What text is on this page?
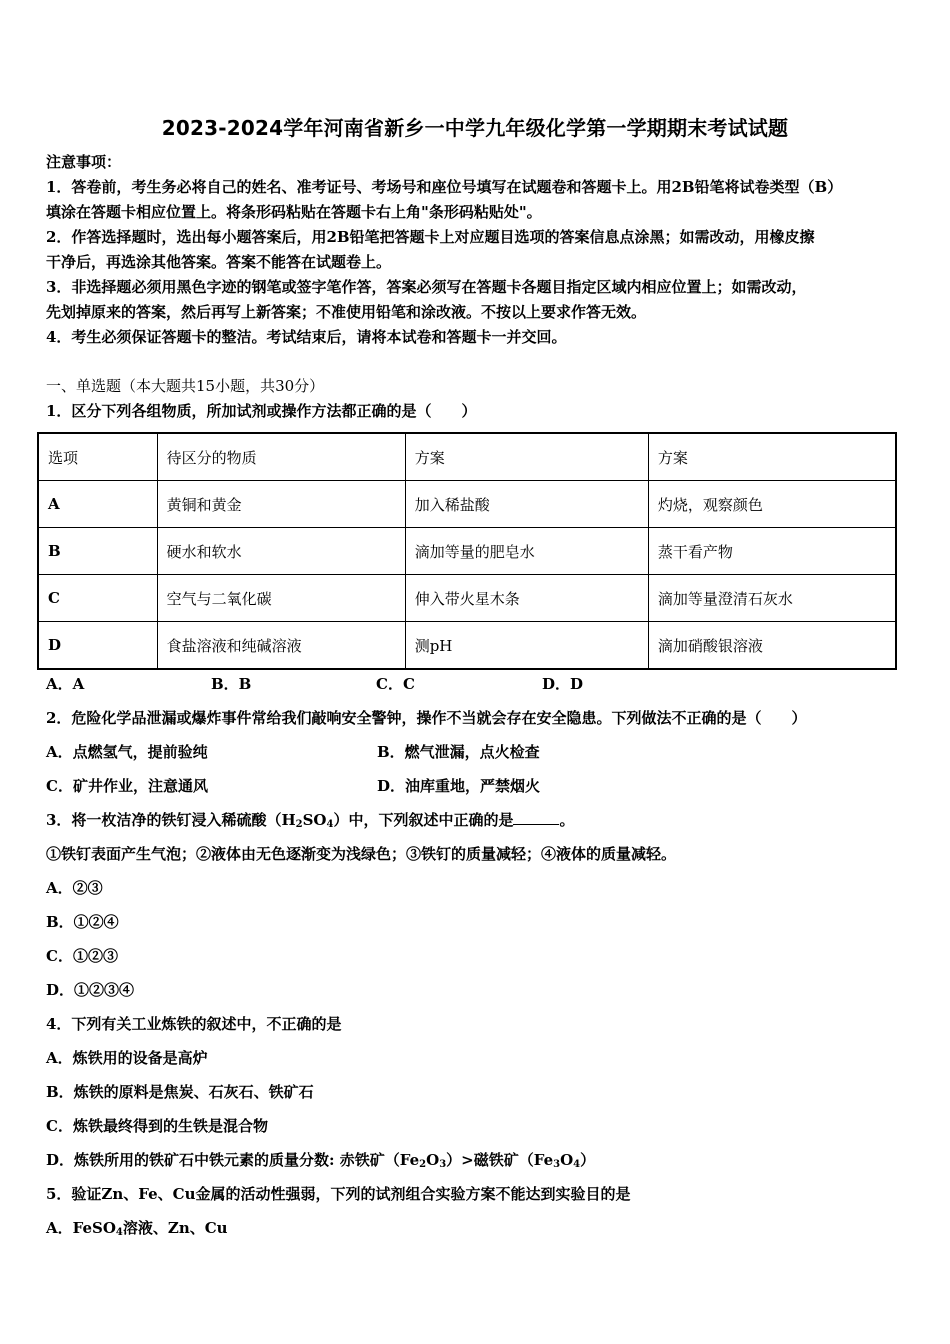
2023-2024学年河南省新乡一中学九年级化学第一学期期末考试试题
注意事项：
1．答卷前，考生务必将自己的姓名、准考证号、考场号和座位号填写在试题卷和答题卡上。用2B铅笔将试卷类型（B）
填涂在答题卡相应位置上。将条形码粘贴在答题卡右上角"条形码粘贴处"。
2．作答选择题时，选出每小题答案后，用2B铅笔把答题卡上对应题目选项的答案信息点涂黑；如需改动，用橡皮擦
干净后，再选涂其他答案。答案不能答在试题卷上。
3．非选择题必须用黑色字迹的钢笔或签字笔作答，答案必须写在答题卡各题目指定区域内相应位置上；如需改动，
先划掉原来的答案，然后再写上新答案；不准使用铅笔和涂改液。不按以上要求作答无效。
4．考生必须保证答题卡的整洁。考试结束后，请将本试卷和答题卡一并交回。
一、单选题（本大题共15小题，共30分）
1．区分下列各组物质，所加试剂或操作方法都正确的是（　　）
选项	待区分的物质	方案	方案
A	黄铜和黄金	加入稀盐酸	灼烧，观察颜色
B	硬水和软水	滴加等量的肥皂水	蒸干看产物
C	空气与二氧化碳	伸入带火星木条	滴加等量澄清石灰水
D	食盐溶液和纯碱溶液	测pH	滴加硝酸银溶液
A．A	B．B	C．C	D．D
2．危险化学品泄漏或爆炸事件常给我们敲响安全警钟，操作不当就会存在安全隐患。下列做法不正确的是（　　）
A．点燃氢气，提前验纯	B．燃气泄漏，点火检查
C．矿井作业，注意通风	D．油库重地，严禁烟火
3．将一枚洁净的铁钉浸入稀硫酸$(H_2SO_4)$中，下列叙述中正确的是	。
①铁钉表面产生气泡；②液体由无色逐渐变为浅绿色；③铁钉的质量减轻；④液体的质量减轻。
A．②③
B．①②④
C．①②③
D．①②③④
4．下列有关工业炼铁的叙述中，不正确的是
A．炼铁用的设备是高炉
B．炼铁的原料是焦炭、石灰石、铁矿石
C．炼铁最终得到的生铁是混合物
D．炼铁所用的铁矿石中铁元素的质量分数: 赤铁矿$(Fe_2O_3)>$磁铁矿$(Fe_3O_4)$
5．验证Zn、Fe、Cu金属的活动性强弱，下列的试剂组合实验方案不能达到实验目的是
A．FeSO$_4$溶液、Zn、Cu
